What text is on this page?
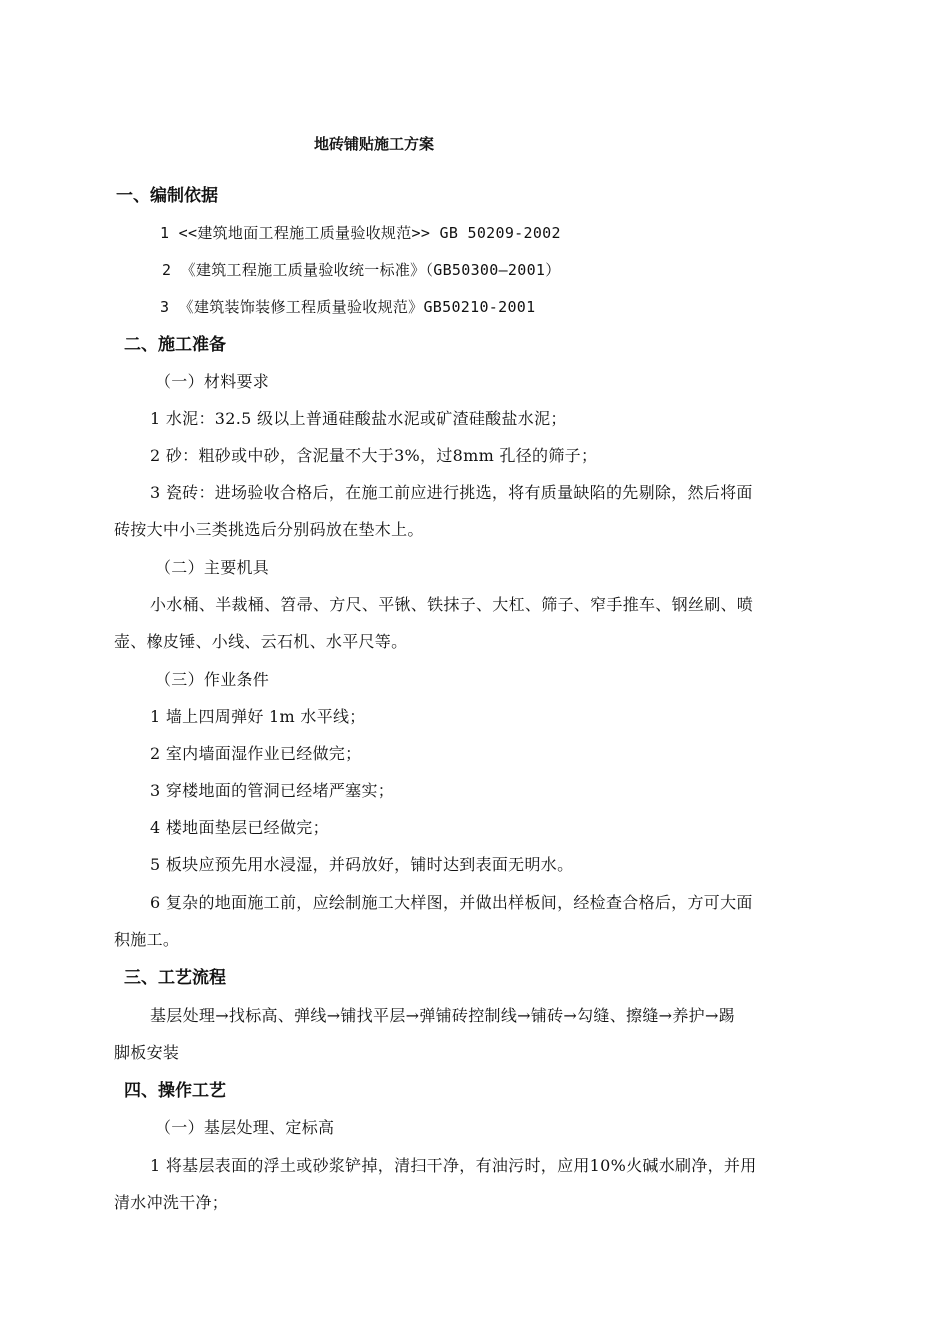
地砖铺贴施工方案
一、编制依据
1 <<建筑地面工程施工质量验收规范>> GB 50209-2002
2 《建筑工程施工质量验收统一标准》（GB50300—2001）
3 《建筑装饰装修工程质量验收规范》GB50210-2001
二、施工准备
（一）材料要求
1 水泥：32.5 级以上普通硅酸盐水泥或矿渣硅酸盐水泥；
2 砂：粗砂或中砂，含泥量不大于3%，过8mm 孔径的筛子；
3 瓷砖：进场验收合格后，在施工前应进行挑选，将有质量缺陷的先剔除，然后将面
砖按大中小三类挑选后分别码放在垫木上。
（二）主要机具
小水桶、半裁桶、笤帚、方尺、平锹、铁抹子、大杠、筛子、窄手推车、钢丝刷、喷
壶、橡皮锤、小线、云石机、水平尺等。
（三）作业条件
1 墙上四周弹好 1m 水平线；
2 室内墙面湿作业已经做完；
3 穿楼地面的管洞已经堵严塞实；
4 楼地面垫层已经做完；
5 板块应预先用水浸湿，并码放好，铺时达到表面无明水。
6 复杂的地面施工前，应绘制施工大样图，并做出样板间，经检查合格后，方可大面
积施工。
三、工艺流程
基层处理→找标高、弹线→铺找平层→弹铺砖控制线→铺砖→勾缝、擦缝→养护→踢
脚板安装
四、操作工艺
（一）基层处理、定标高
1 将基层表面的浮土或砂浆铲掉，清扫干净，有油污时，应用10%火碱水刷净，并用
清水冲洗干净；
